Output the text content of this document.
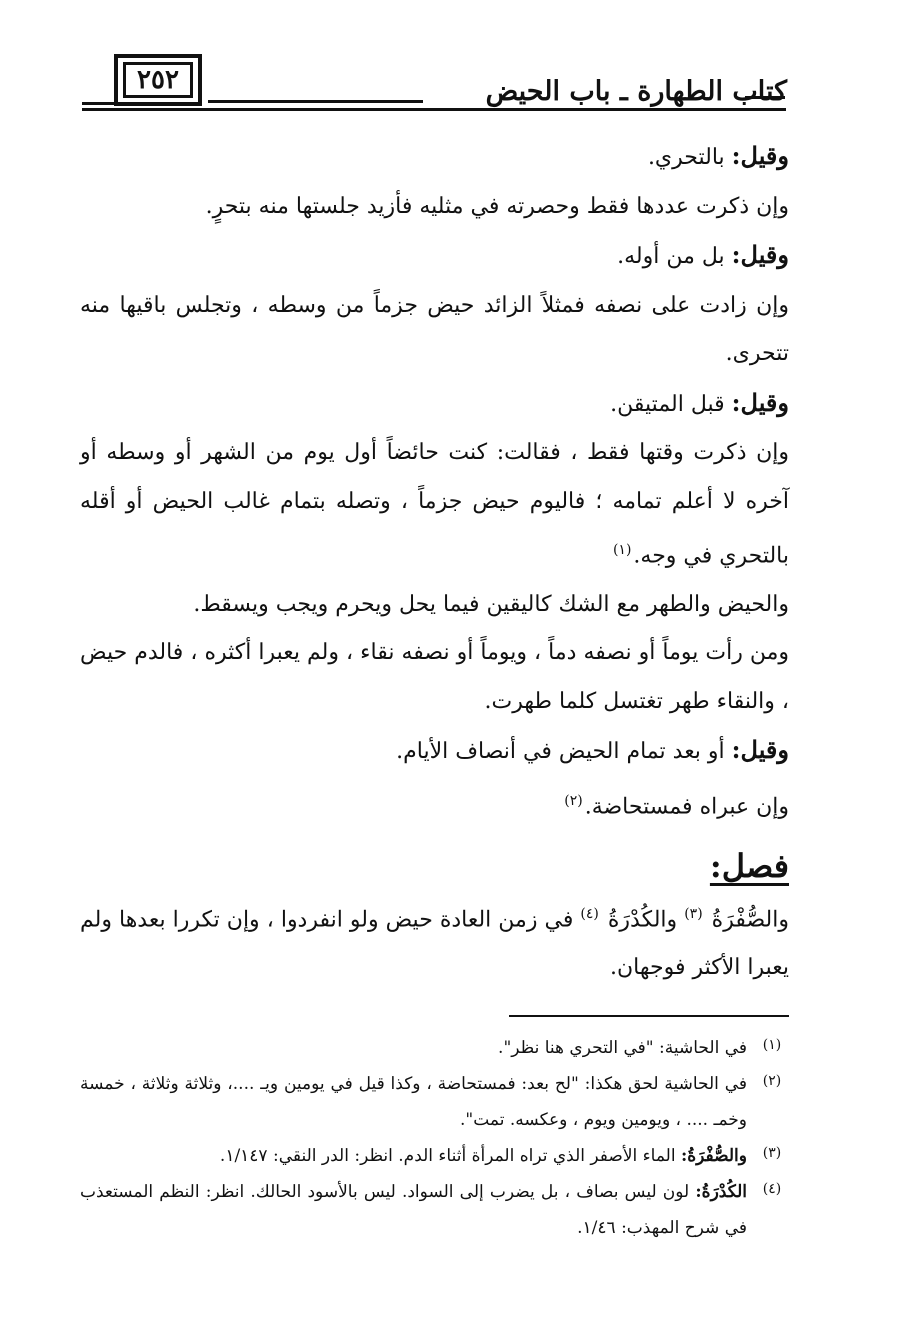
٢٥٢	كتاب الطهارة ـ باب الحيض

وقيل: بالتحري.

وإن ذكرت عددها فقط وحصرته في مثليه فأزيد جلستها منه بتحرٍ.

وقيل: بل من أوله.

وإن زادت على نصفه فمثلاً الزائد حيض جزماً من وسطه ، وتجلس باقيها منه تتحرى.

وقيل: قبل المتيقن.

وإن ذكرت وقتها فقط ، فقالت: كنت حائضاً أول يوم من الشهر أو وسطه أو آخره لا أعلم تمامه ؛ فاليوم حيض جزماً ، وتصله بتمام غالب الحيض أو أقله بالتحري في وجه.$^{(١)}$

والحيض والطهر مع الشك كاليقين فيما يحل ويحرم ويجب ويسقط.

ومن رأت يوماً أو نصفه دماً ، ويوماً أو نصفه نقاء ، ولم يعبرا أكثره ، فالدم حيض ، والنقاء طهر تغتسل كلما طهرت.

وقيل: أو بعد تمام الحيض في أنصاف الأيام.

وإن عبراه فمستحاضة.$^{(٢)}$

فصل:

والصُّفْرَةُ $^{(٣)}$ والكُدْرَةُ $^{(٤)}$ في زمن العادة حيض ولو انفردوا ، وإن تكررا بعدها ولم يعبرا الأكثر فوجهان.

(١)
في الحاشية: "في التحري هنا نظر".
(٢)
في الحاشية لحق هكذا: "لح بعد: فمستحاضة ، وكذا قيل في يومين ويـ ....، وثلاثة وثلاثة ، خمسة وخمـ .... ، ويومين ويوم ، وعكسه. تمت".
(٣)
والصُّفْرَةُ: الماء الأصفر الذي تراه المرأة أثناء الدم. انظر: الدر النقي: ١/١٤٧.
(٤)
الكُدْرَةُ: لون ليس بصاف ، بل يضرب إلى السواد. ليس بالأسود الحالك. انظر: النظم المستعذب في شرح المهذب: ١/٤٦.
